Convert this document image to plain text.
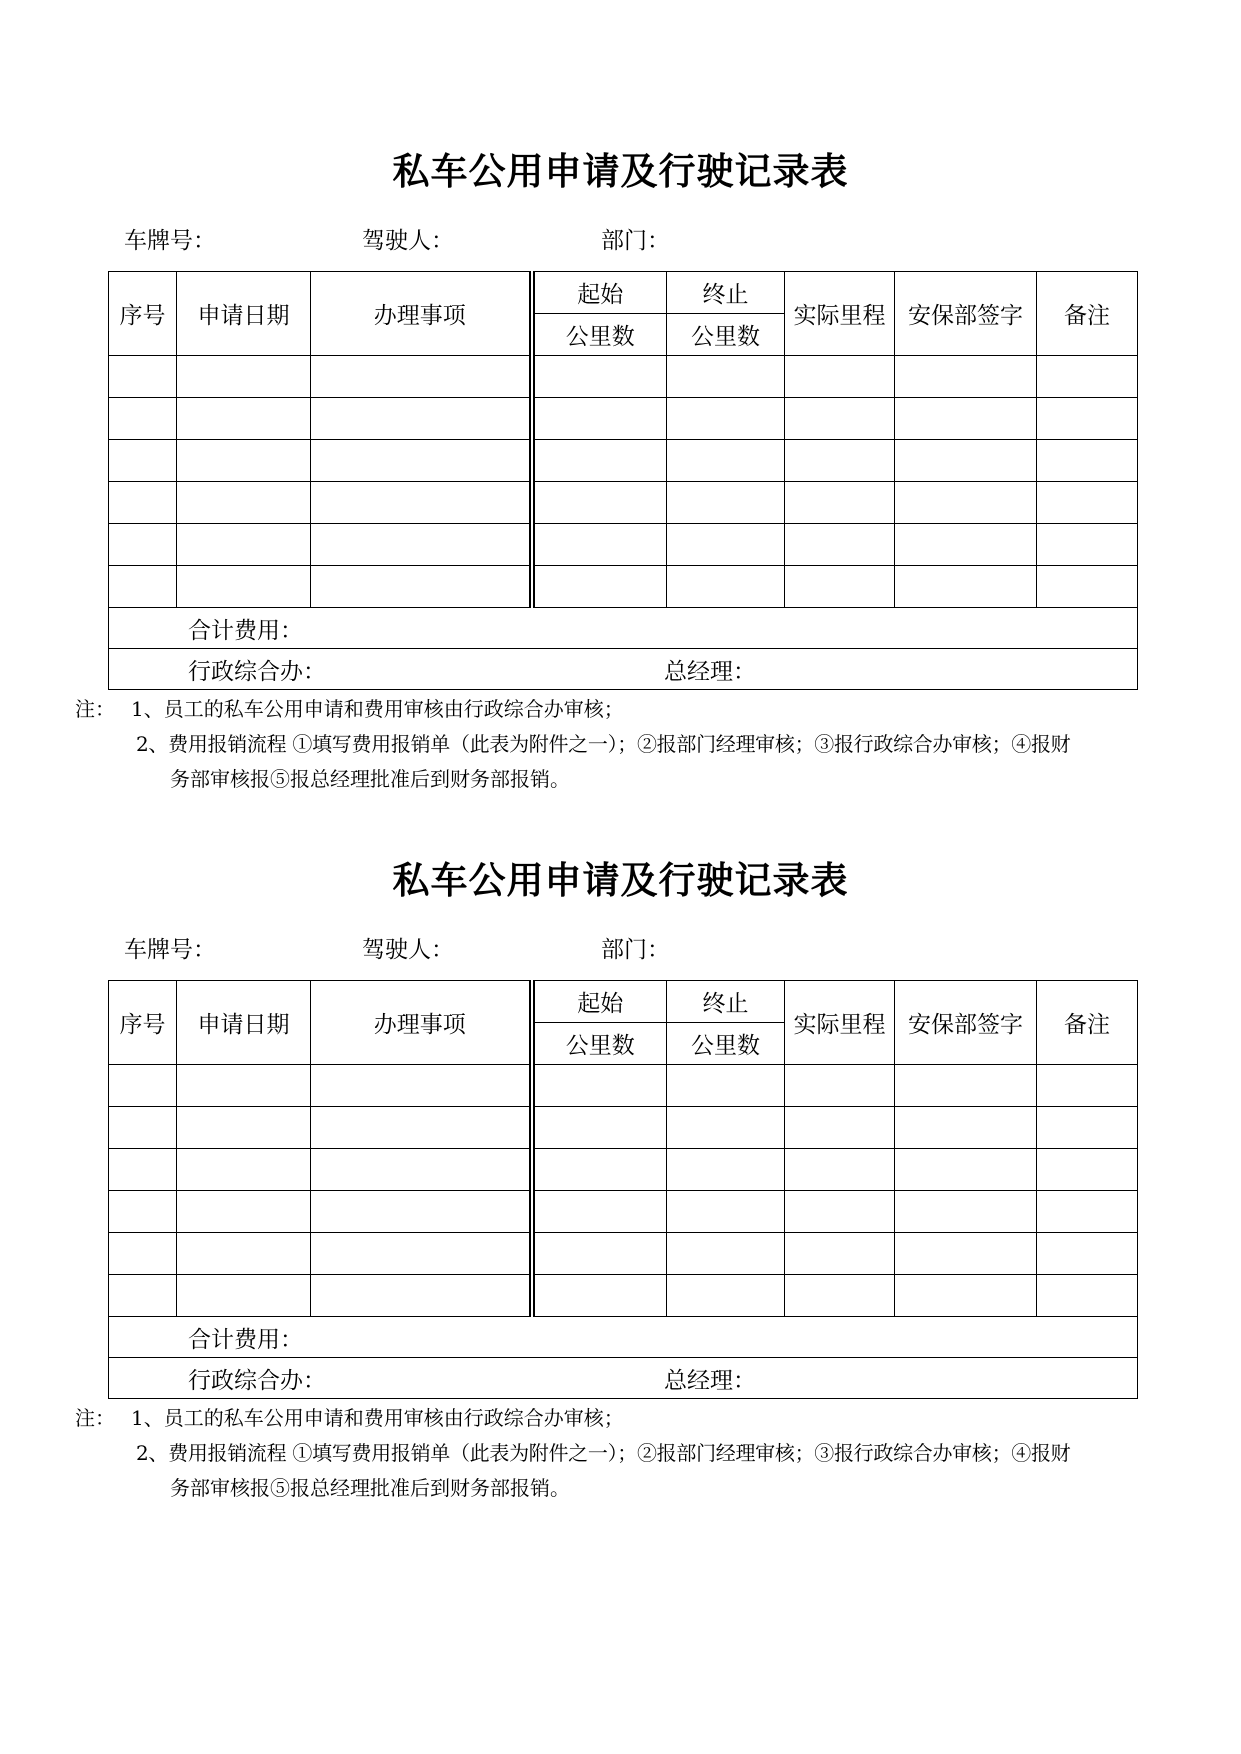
私车公用申请及行驶记录表
车牌号：	驾驶人：	部门：
序号	申请日期	办理事项	起始	终止	实际里程	安保部签字	备注
			公里数	公里数			

合计费用：							
行政综合办： 总经理：							
注： 1、员工的私车公用申请和费用审核由行政综合办审核；
2、费用报销流程 ①填写费用报销单（此表为附件之一）；②报部门经理审核；③报行政综合办审核；④报财
务部审核报⑤报总经理批准后到财务部报销。
私车公用申请及行驶记录表
车牌号：	驾驶人：	部门：
序号	申请日期	办理事项	起始	终止	实际里程	安保部签字	备注
			公里数	公里数			

合计费用：							
行政综合办： 总经理：							
注： 1、员工的私车公用申请和费用审核由行政综合办审核；
2、费用报销流程 ①填写费用报销单（此表为附件之一）；②报部门经理审核；③报行政综合办审核；④报财
务部审核报⑤报总经理批准后到财务部报销。
